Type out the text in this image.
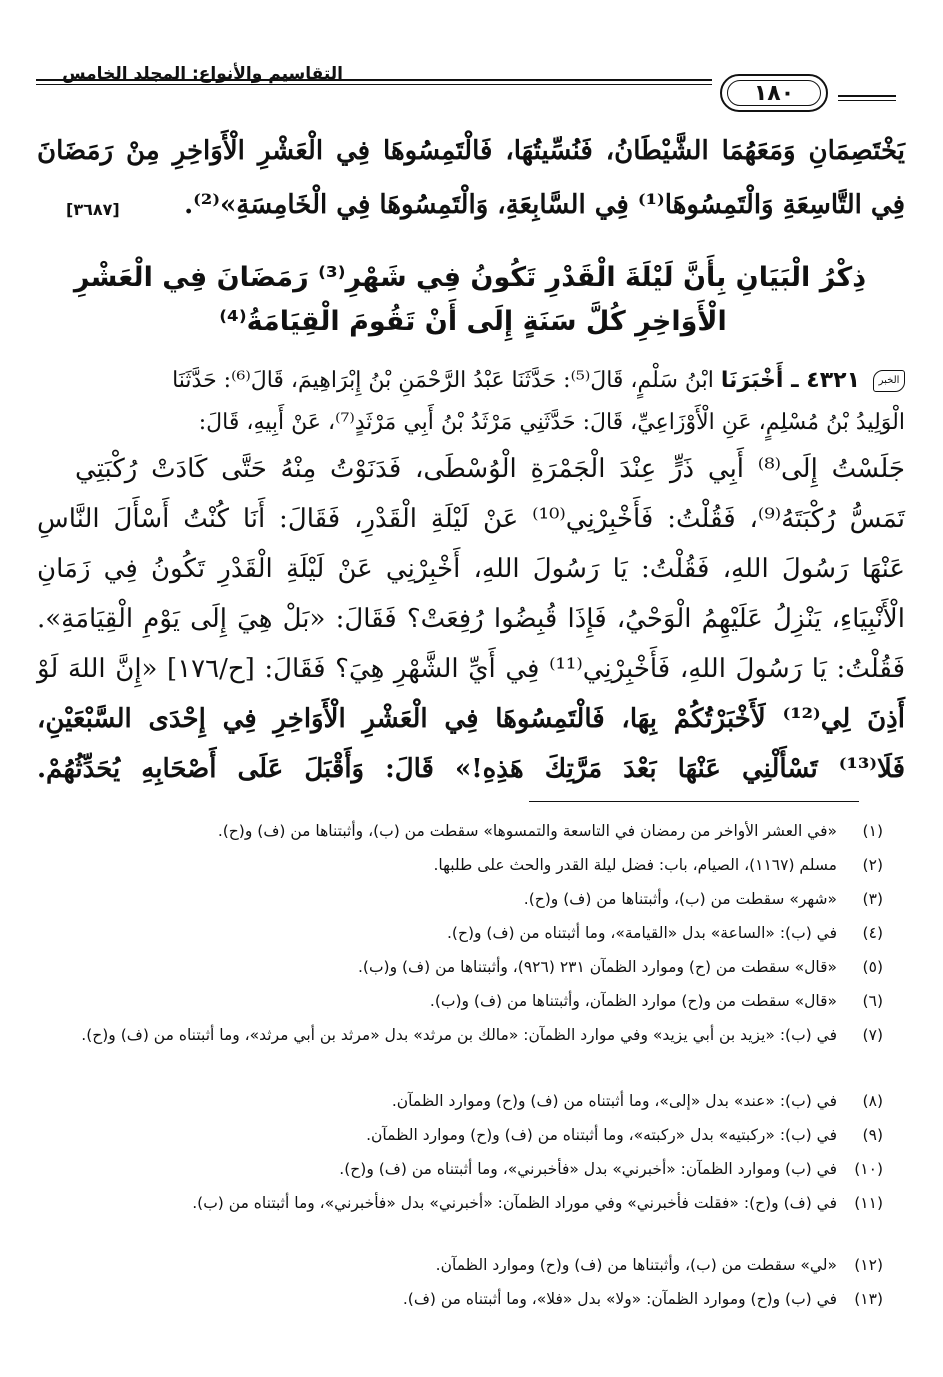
التقاسيم والأنواع: المجلد الخامس
١٨٠
يَخْتَصِمَانِ وَمَعَهُمَا الشَّيْطَانُ، فَنُسِّيتُهَا، فَالْتَمِسُوهَا فِي الْعَشْرِ الْأَوَاخِرِ مِنْ رَمَضَانَ
فِي التَّاسِعَةِ وَالْتَمِسُوهَا⁽¹⁾ فِي السَّابِعَةِ، وَالْتَمِسُوهَا فِي الْخَامِسَةِ»⁽²⁾.
[٣٦٨٧]
ذِكْرُ الْبَيَانِ بِأَنَّ لَيْلَةَ الْقَدْرِ تَكُونُ فِي شَهْرِ⁽³⁾ رَمَضَانَ فِي الْعَشْرِ
الْأَوَاخِرِ كُلَّ سَنَةٍ إِلَى أَنْ تَقُومَ الْقِيَامَةُ⁽⁴⁾
الخبر ٤٣٢١ ـ أَخْبَرَنَا ابْنُ سَلْمٍ، قَالَ⁽⁵⁾: حَدَّثَنَا عَبْدُ الرَّحْمَنِ بْنُ إِبْرَاهِيمَ، قَالَ⁽⁶⁾: حَدَّثَنَا
الْوَلِيدُ بْنُ مُسْلِمٍ، عَنِ الْأَوْزَاعِيِّ، قَالَ: حَدَّثَنِي مَرْثَدُ بْنُ أَبِي مَرْثَدٍ⁽⁷⁾، عَنْ أَبِيهِ، قَالَ:
جَلَسْتُ إِلَى⁽⁸⁾ أَبِي ذَرٍّ عِنْدَ الْجَمْرَةِ الْوُسْطَى، فَدَنَوْتُ مِنْهُ حَتَّى كَادَتْ رُكْبَتِي
تَمَسُّ رُكْبَتَهُ⁽⁹⁾، فَقُلْتُ: فَأَخْبِرْنِي⁽¹⁰⁾ عَنْ لَيْلَةِ الْقَدْرِ، فَقَالَ: أَنَا كُنْتُ أَسْأَلَ النَّاسِ
عَنْهَا رَسُولَ اللهِ، فَقُلْتُ: يَا رَسُولَ اللهِ، أَخْبِرْنِي عَنْ لَيْلَةِ الْقَدْرِ تَكُونُ فِي زَمَانِ
الْأَنْبِيَاءِ، يَنْزِلُ عَلَيْهِمُ الْوَحْيُ، فَإِذَا قُبِضُوا رُفِعَتْ؟ فَقَالَ: «بَلْ هِيَ إِلَى يَوْمِ الْقِيَامَةِ».
فَقُلْتُ: يَا رَسُولَ اللهِ، فَأَخْبِرْنِي⁽¹¹⁾ فِي أَيِّ الشَّهْرِ هِيَ؟ فَقَالَ: [ح/١٧٦] «إِنَّ اللهَ لَوْ
أَذِنَ لِي⁽¹²⁾ لَأَخْبَرْتُكُمْ بِهَا، فَالْتَمِسُوهَا فِي الْعَشْرِ الْأَوَاخِرِ فِي إِحْدَى السَّبْعَيْنِ،
فَلَا⁽¹³⁾ تَسْأَلْنِي عَنْهَا بَعْدَ مَرَّتِكَ هَذِهِ!» قَالَ: وَأَقْبَلَ عَلَى أَصْحَابِهِ يُحَدِّثُهُمْ.
(١)«في العشر الأواخر من رمضان في التاسعة والتمسوها» سقطت من (ب)، وأثبتناها من (ف) و(ح).
(٢)مسلم (١١٦٧)، الصيام، باب: فضل ليلة القدر والحث على طلبها.
(٣)«شهر» سقطت من (ب)، وأثبتناها من (ف) و(ح).
(٤)في (ب): «الساعة» بدل «القيامة»، وما أثبتناه من (ف) و(ح).
(٥)«قال» سقطت من (ح) وموارد الظمآن ٢٣١ (٩٢٦)، وأثبتناها من (ف) و(ب).
(٦)«قال» سقطت من و(ح) موارد الظمآن، وأثبتناها من (ف) و(ب).
(٧)في (ب): «يزيد بن أبي يزيد» وفي موارد الظمآن: «مالك بن مرثد» بدل «مرثد بن أبي مرثد»، وما أثبتناه من (ف) و(ح).
(٨)في (ب): «عند» بدل «إلى»، وما أثبتناه من (ف) و(ح) وموارد الظمآن.
(٩)في (ب): «ركبتيه» بدل «ركبته»، وما أثبتناه من (ف) و(ح) وموارد الظمآن.
(١٠)في (ب) وموارد الظمآن: «أخبرني» بدل «فأخبرني»، وما أثبتناه من (ف) و(ح).
(١١)في (ف) و(ح): «فقلت فأخبرني» وفي موراد الظمآن: «أخبرني» بدل «فأخبرني»، وما أثبتناه من (ب).
(١٢)«لي» سقطت من (ب)، وأثبتناها من (ف) و(ح) وموارد الظمآن.
(١٣)في (ب) و(ح) وموارد الظمآن: «ولا» بدل «فلا»، وما أثبتناه من (ف).
